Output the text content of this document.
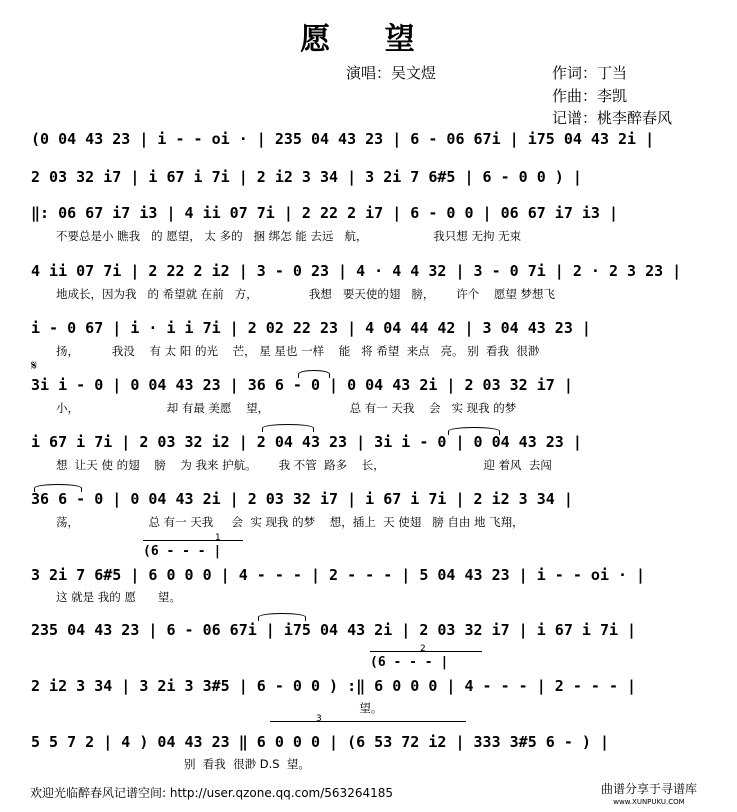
愿 望
演唱：吴文煜	作词：丁当
作曲：李凯
记谱：桃李醉春风
(0 04 43 23 | i - - oi · | 235 04 43 23 | 6 - 06 67i | i75 04 43 2i |
2 03 32 i7 | i 67 i 7i | 2 i2 3 34 | 3 2i 7 6#5 | 6 - 0 0 ) |
‖: 06 67 i7 i3 | 4 ii 07 7i | 2 22 2 i7 | 6 - 0 0 | 06 67 i7 i3 |
不要总是小 瞧我   的 愿望， 太 多的   捆 绑怎 能 去远   航，                  我只想 无拘 无束
4 ii 07 7i | 2 22 2 i2 | 3 - 0 23 | 4 · 4 4 32 | 3 - 0 7i | 2 · 2 3 23 |
地成长，因为我   的 希望就 在前   方，              我想   要天使的翅   膀，      许个    愿望 梦想飞
i - 0 67 | i · i i 7i | 2 02 22 23 | 4 04 44 42 | 3 04 43 23 |
扬，         我没    有 太 阳 的光    芒， 星 星也 一样    能   将 希望  来点   亮。 别  看我  很渺
𝄋
3i i - 0 | 0 04 43 23 | 36 6 - 0 | 0 04 43 2i | 2 03 32 i7 |
小，                        却 有最 美愿    望，                      总 有一 天我    会   实 现我 的梦
i 67 i 7i | 2 03 32 i2 | 2 04 43 23 | 3i i - 0 | 0 04 43 23 |
想  让天 使 的翅    膀    为 我来 护航。      我 不管  路多    长，                           迎 着风  去闯
36 6 - 0 | 0 04 43 2i | 2 03 32 i7 | i 67 i 7i | 2 i2 3 34 |
荡，                   总 有一 天我     会  实 现我 的梦    想，插上  天 使翅   膀 自由 地 飞翔，
1
(6 - - - |
3 2i 7 6#5 | 6 0 0 0 | 4 - - - | 2 - - - | 5 04 43 23 | i - - oi · |
这 就是 我的 愿      望。
235 04 43 23 | 6 - 06 67i | i75 04 43 2i | 2 03 32 i7 | i 67 i 7i |
2
(6 - - - |
2 i2 3 34 | 3 2i 3 3#5 | 6 - 0 0 ) :‖ 6 0 0 0 | 4 - - - | 2 - - - |
望。
3
5 5 7 2 | 4 ) 04 43 23 ‖ 6 0 0 0 | (6 53 72 i2 | 333 3#5 6 - ) |
别  看我  很渺 D.S  望。
欢迎光临醉春风记谱空间: http://user.qzone.qq.com/563264185	曲谱分享于寻谱库
www.XUNPUKU.COM
